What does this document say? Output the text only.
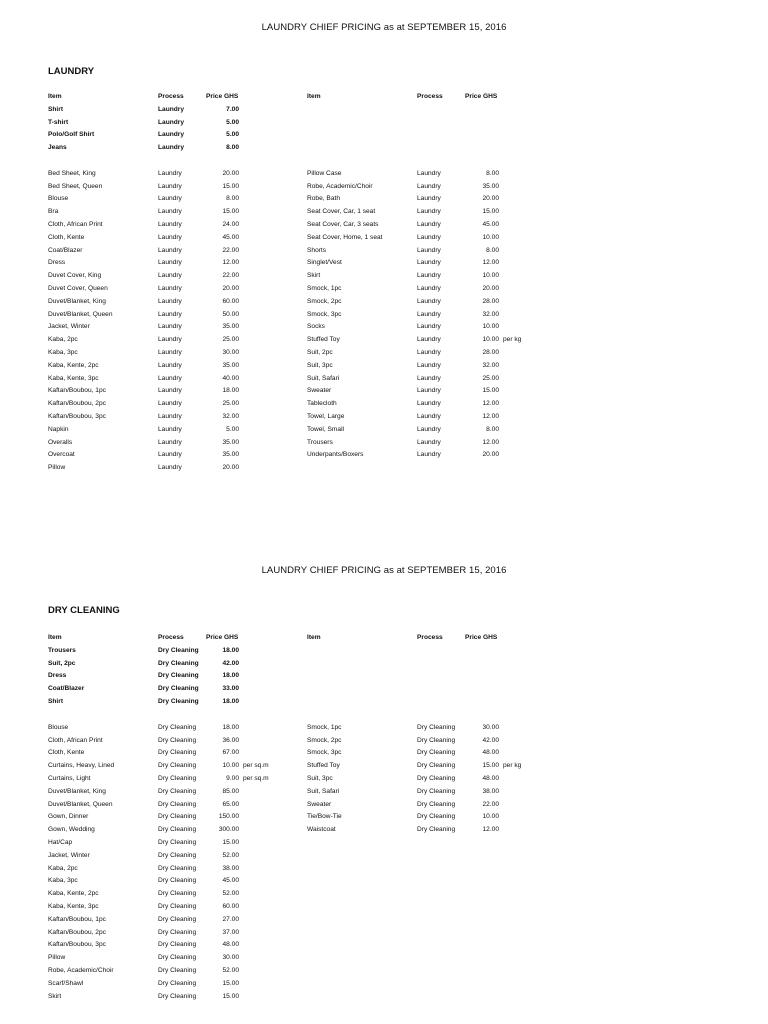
LAUNDRY CHIEF PRICING as at SEPTEMBER 15, 2016
LAUNDRY
Item	Process	Price GHS	Item	Process	Price GHS
Shirt	Laundry	7.00
T-shirt	Laundry	5.00
Polo/Golf Shirt	Laundry	5.00
Jeans	Laundry	8.00
Bed Sheet, King	Laundry	20.00
Bed Sheet, Queen	Laundry	15.00
Blouse	Laundry	8.00
Bra	Laundry	15.00
Cloth, African Print	Laundry	24.00
Cloth, Kente	Laundry	45.00
Coat/Blazer	Laundry	22.00
Dress	Laundry	12.00
Duvet Cover, King	Laundry	22.00
Duvet Cover, Queen	Laundry	20.00
Duvet/Blanket, King	Laundry	60.00
Duvet/Blanket, Queen	Laundry	50.00
Jacket, Winter	Laundry	35.00
Kaba, 2pc	Laundry	25.00
Kaba, 3pc	Laundry	30.00
Kaba, Kente, 2pc	Laundry	35.00
Kaba, Kente, 3pc	Laundry	40.00
Kaftan/Boubou, 1pc	Laundry	18.00
Kaftan/Boubou, 2pc	Laundry	25.00
Kaftan/Boubou, 3pc	Laundry	32.00
Napkin	Laundry	5.00
Overalls	Laundry	35.00
Overcoat	Laundry	35.00
Pillow	Laundry	20.00
Pillow Case	Laundry	8.00
Robe, Academic/Choir	Laundry	35.00
Robe, Bath	Laundry	20.00
Seat Cover, Car, 1 seat	Laundry	15.00
Seat Cover, Car, 3 seats	Laundry	45.00
Seat Cover, Home, 1 seat	Laundry	10.00
Shorts	Laundry	8.00
Singlet/Vest	Laundry	12.00
Skirt	Laundry	10.00
Smock, 1pc	Laundry	20.00
Smock, 2pc	Laundry	28.00
Smock, 3pc	Laundry	32.00
Socks	Laundry	10.00
Stuffed Toy	Laundry	10.00 per kg
Suit, 2pc	Laundry	28.00
Suit, 3pc	Laundry	32.00
Suit, Safari	Laundry	25.00
Sweater	Laundry	15.00
Tablecloth	Laundry	12.00
Towel, Large	Laundry	12.00
Towel, Small	Laundry	8.00
Trousers	Laundry	12.00
Underpants/Boxers	Laundry	20.00
LAUNDRY CHIEF PRICING as at SEPTEMBER 15, 2016
DRY CLEANING
Item	Process	Price GHS	Item	Process	Price GHS
Trousers	Dry Cleaning	18.00
Suit, 2pc	Dry Cleaning	42.00
Dress	Dry Cleaning	18.00
Coat/Blazer	Dry Cleaning	33.00
Shirt	Dry Cleaning	18.00
Blouse	Dry Cleaning	18.00
Cloth, African Print	Dry Cleaning	36.00
Cloth, Kente	Dry Cleaning	67.00
Curtains, Heavy, Lined	Dry Cleaning	10.00 per sq.m
Curtains, Light	Dry Cleaning	9.00 per sq.m
Duvet/Blanket, King	Dry Cleaning	85.00
Duvet/Blanket, Queen	Dry Cleaning	65.00
Gown, Dinner	Dry Cleaning	150.00
Gown, Wedding	Dry Cleaning	300.00
Hat/Cap	Dry Cleaning	15.00
Jacket, Winter	Dry Cleaning	52.00
Kaba, 2pc	Dry Cleaning	38.00
Kaba, 3pc	Dry Cleaning	45.00
Kaba, Kente, 2pc	Dry Cleaning	52.00
Kaba, Kente, 3pc	Dry Cleaning	60.00
Kaftan/Boubou, 1pc	Dry Cleaning	27.00
Kaftan/Boubou, 2pc	Dry Cleaning	37.00
Kaftan/Boubou, 3pc	Dry Cleaning	48.00
Pillow	Dry Cleaning	30.00
Robe, Academic/Choir	Dry Cleaning	52.00
Scarf/Shawl	Dry Cleaning	15.00
Skirt	Dry Cleaning	15.00
Smock, 1pc	Dry Cleaning	30.00
Smock, 2pc	Dry Cleaning	42.00
Smock, 3pc	Dry Cleaning	48.00
Stuffed Toy	Dry Cleaning	15.00 per kg
Suit, 3pc	Dry Cleaning	48.00
Suit, Safari	Dry Cleaning	38.00
Sweater	Dry Cleaning	22.00
Tie/Bow-Tie	Dry Cleaning	10.00
Waistcoat	Dry Cleaning	12.00
